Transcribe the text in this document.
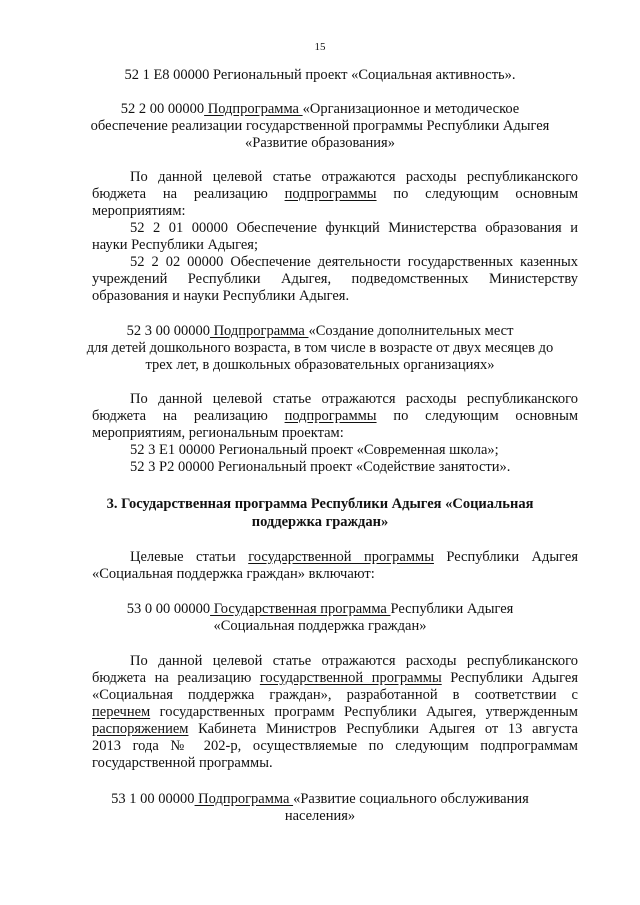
15
52 1 E8 00000 Региональный проект «Социальная активность».
52 2 00 00000 Подпрограмма «Организационное и методическое
обеспечение реализации государственной программы Республики Адыгея
«Развитие образования»
По данной целевой статье отражаются расходы республиканского
бюджета на реализацию подпрограммы по следующим основным
мероприятиям:
52 2 01 00000 Обеспечение функций Министерства образования и
науки Республики Адыгея;
52 2 02 00000 Обеспечение деятельности государственных казенных
учреждений Республики Адыгея, подведомственных Министерству
образования и науки Республики Адыгея.
52 3 00 00000 Подпрограмма «Создание дополнительных мест
для детей дошкольного возраста, в том числе в возрасте от двух месяцев до
трех лет, в дошкольных образовательных организациях»
По данной целевой статье отражаются расходы республиканского
бюджета на реализацию подпрограммы по следующим основным
мероприятиям, региональным проектам:
52 3 E1 00000 Региональный проект «Современная школа»;
52 3 P2 00000 Региональный проект «Содействие занятости».
3. Государственная программа Республики Адыгея «Социальная
поддержка граждан»
Целевые статьи государственной программы Республики Адыгея
«Социальная поддержка граждан» включают:
53 0 00 00000 Государственная программа Республики Адыгея
«Социальная поддержка граждан»
По данной целевой статье отражаются расходы республиканского
бюджета на реализацию государственной программы Республики Адыгея
«Социальная поддержка граждан», разработанной в соответствии с
перечнем государственных программ Республики Адыгея, утвержденным
распоряжением Кабинета Министров Республики Адыгея от 13 августа
2013 года № 202-р, осуществляемые по следующим подпрограммам
государственной программы.
53 1 00 00000 Подпрограмма «Развитие социального обслуживания
населения»
